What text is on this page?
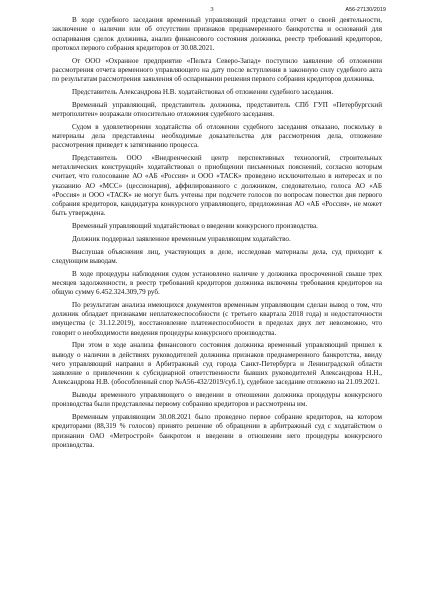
3	А56-27130/2019

В ходе судебного заседания временный управляющий представил отчет о своей деятельности, заключение о наличии или об отсутствии признаков преднамеренного банкротства и оснований для оспаривания сделок должника, анализ финансового состояния должника, реестр требований кредиторов, протокол первого собрания кредиторов от 30.08.2021.

От ООО «Охранное предприятие «Пельта Северо-Запад» поступило заявление об отложении рассмотрения отчета временного управляющего на дату после вступления в законную силу судебного акта по результатам рассмотрения заявления об оспаривании решения первого собрания кредиторов должника.

Представитель Александрова Н.В. ходатайствовал об отложении судебного заседания.

Временный управляющий, представитель должника, представитель СПб ГУП «Петербургский метрополитен» возражали относительно отложения судебного заседания.

Судом в удовлетворении ходатайства об отложении судебного заседания отказано, поскольку в материалы дела представлены необходимые доказательства для рассмотрения дела, отложение рассмотрения приведет к затягиванию процесса.

Представитель ООО «Внедренческий центр перспективных технологий, строительных металлических конструкций» ходатайствовал о приобщении письменных пояснений, согласно которым считает, что голосование АО «АБ «Россия» и ООО «ТАСК» проведено исключительно в интересах и по указанию АО «МСС» (цессионария), аффилированного с должником, следовательно, голоса АО «АБ «Россия» и ООО «ТАСК» не могут быть учтены при подсчете голосов по вопросам повестки дня первого собрания кредиторов, кандидатура конкурсного управляющего, предложенная АО «АБ «Россия», не может быть утверждена.

Временный управляющий ходатайствовал о введении конкурсного производства.

Должник поддержал заявленное временным управляющим ходатайство.

Выслушав объяснения лиц, участвующих в деле, исследовав материалы дела, суд приходит к следующим выводам.

В ходе процедуры наблюдения судом установлено наличие у должника просроченной свыше трех месяцев задолженности, в реестр требований кредиторов должника включены требования кредиторов на общую сумму 6.452.324.309,79 руб.

По результатам анализа имеющихся документов временным управляющим сделан вывод о том, что должник обладает признаками неплатежеспособности (с третьего квартала 2018 года) и недостаточности имущества (с 31.12.2019), восстановление платежеспособности в пределах двух лет невозможно, что говорит о необходимости введения процедуры конкурсного производства.

При этом в ходе анализа финансового состояния должника временный управляющий пришел к выводу о наличии в действиях руководителей должника признаков преднамеренного банкротства, ввиду чего управляющий направил в Арбитражный суд города Санкт-Петербурга и Ленинградской области заявление о привлечении к субсидиарной ответственности бывших руководителей Александрова Н.Н., Александрова Н.В. (обособленный спор №А56-432/2019/суб.1), судебное заседание отложено на 21.09.2021.

Выводы временного управляющего о введении в отношении должника процедуры конкурсного производства были представлены первому собранию кредиторов и рассмотрены им.

Временным управляющим 30.08.2021 было проведено первое собрание кредиторов, на котором кредиторами (88,319 % голосов) принято решение об обращении в арбитражный суд с ходатайством о признании ОАО «Метрострой» банкротом и введении в отношении него процедуры конкурсного производства.
